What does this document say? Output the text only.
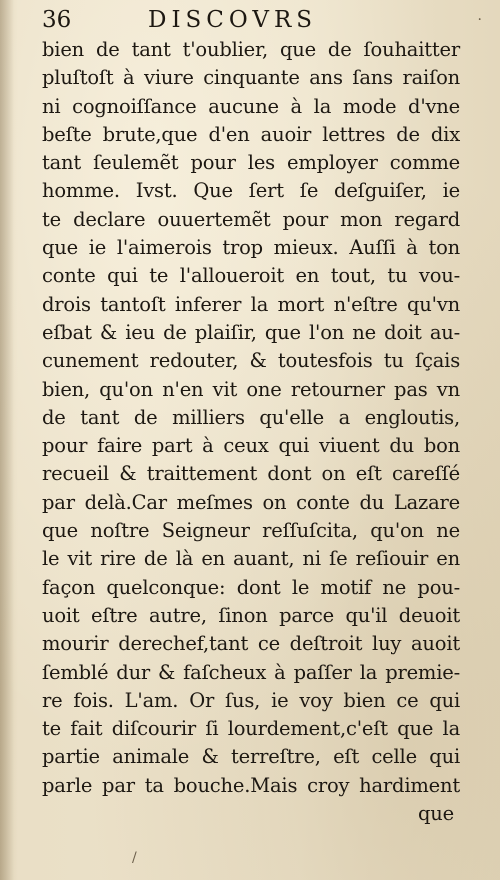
36	DISCOVRS	·
bien de tant t'oublier, que de ſouhaitter
pluſtoſt à viure cinquante ans ſans raiſon
ni cognoiſſance aucune à la mode d'vne
beſte brute,que d'en auoir lettres de dix
tant ſeulemẽt pour les employer comme
homme. Ivst. Que ſert ſe deſguiſer, ie
te declare ouuertemẽt pour mon regard
que ie l'aimerois trop mieux. Auſſi à ton
conte qui te l'alloueroit en tout, tu vou-
drois tantoſt inferer la mort n'eſtre qu'vn
eſbat & ieu de plaiſir, que l'on ne doit au-
cunement redouter, & toutesfois tu ſçais
bien, qu'on n'en vit one retourner pas vn
de tant de milliers qu'elle a engloutis,
pour faire part à ceux qui viuent du bon
recueil & traittement dont on eſt careſſé
par delà.Car meſmes on conte du Lazare
que noſtre Seigneur reſſuſcita, qu'on ne
le vit rire de là en auant, ni ſe reſiouir en
façon quelconque: dont le motif ne pou-
uoit eſtre autre, ſinon parce qu'il deuoit
mourir derechef,tant ce deſtroit luy auoit
ſemblé dur & faſcheux à paſſer la premie-
re fois. L'am. Or ſus, ie voy bien ce qui
te fait diſcourir ſi lourdement,c'eſt que la
partie animale & terreſtre, eſt celle qui
parle par ta bouche.Mais croy hardiment
que
/
